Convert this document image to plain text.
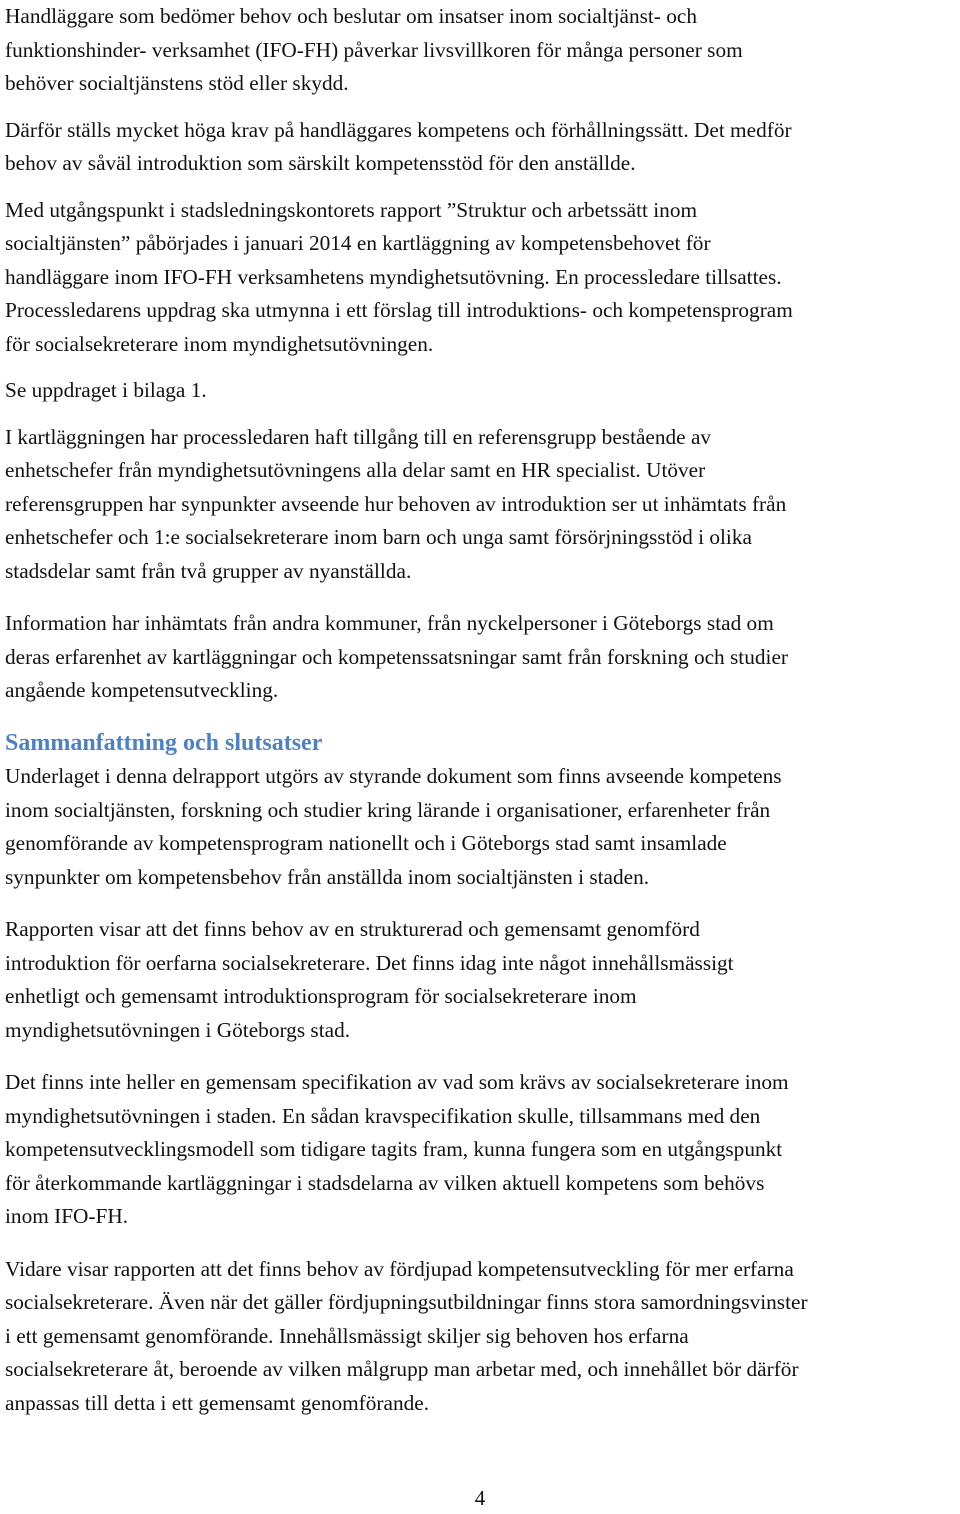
Handläggare som bedömer behov och beslutar om insatser inom socialtjänst- och
funktionshinder- verksamhet (IFO-FH) påverkar livsvillkoren för många personer som
behöver socialtjänstens stöd eller skydd.
Därför ställs mycket höga krav på handläggares kompetens och förhållningssätt. Det medför
behov av såväl introduktion som särskilt kompetensstöd för den anställde.
Med utgångspunkt i stadsledningskontorets rapport ”Struktur och arbetssätt inom
socialtjänsten” påbörjades i januari 2014 en kartläggning av kompetensbehovet för
handläggare inom IFO-FH verksamhetens myndighetsutövning. En processledare tillsattes.
Processledarens uppdrag ska utmynna i ett förslag till introduktions- och kompetensprogram
för socialsekreterare inom myndighetsutövningen.
Se uppdraget i bilaga 1.
I kartläggningen har processledaren haft tillgång till en referensgrupp bestående av
enhetschefer från myndighetsutövningens alla delar samt en HR specialist. Utöver
referensgruppen har synpunkter avseende hur behoven av introduktion ser ut inhämtats från
enhetschefer och 1:e socialsekreterare inom barn och unga samt försörjningsstöd i olika
stadsdelar samt från två grupper av nyanställda.
Information har inhämtats från andra kommuner, från nyckelpersoner i Göteborgs stad om
deras erfarenhet av kartläggningar och kompetenssatsningar samt från forskning och studier
angående kompetensutveckling.
Sammanfattning och slutsatser
Underlaget i denna delrapport utgörs av styrande dokument som finns avseende kompetens
inom socialtjänsten, forskning och studier kring lärande i organisationer, erfarenheter från
genomförande av kompetensprogram nationellt och i Göteborgs stad samt insamlade
synpunkter om kompetensbehov från anställda inom socialtjänsten i staden.
Rapporten visar att det finns behov av en strukturerad och gemensamt genomförd
introduktion för oerfarna socialsekreterare. Det finns idag inte något innehållsmässigt
enhetligt och gemensamt introduktionsprogram för socialsekreterare inom
myndighetsutövningen i Göteborgs stad.
Det finns inte heller en gemensam specifikation av vad som krävs av socialsekreterare inom
myndighetsutövningen i staden. En sådan kravspecifikation skulle, tillsammans med den
kompetensutvecklingsmodell som tidigare tagits fram, kunna fungera som en utgångspunkt
för återkommande kartläggningar i stadsdelarna av vilken aktuell kompetens som behövs
inom IFO-FH.
Vidare visar rapporten att det finns behov av fördjupad kompetensutveckling för mer erfarna
socialsekreterare. Även när det gäller fördjupningsutbildningar finns stora samordningsvinster
i ett gemensamt genomförande. Innehållsmässigt skiljer sig behoven hos erfarna
socialsekreterare åt, beroende av vilken målgrupp man arbetar med, och innehållet bör därför
anpassas till detta i ett gemensamt genomförande.
4
